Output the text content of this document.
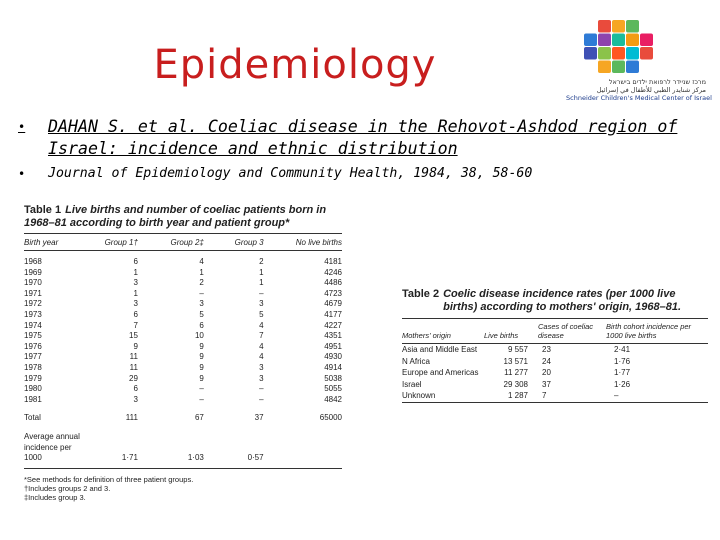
Epidemiology	מרכז שניידר לרפואת ילדים בישראל
مركز شنايدر الطبي للأطفال في إسرائيل
Schneider Children's Medical Center of Israel
•	DAHAN S. et al. Coeliac disease in the Rehovot-Ashdod region of Israel: incidence and ethnic distribution
•	Journal of Epidemiology and Community Health, 1984, 38, 58-60
Table 1 Live births and number of coeliac patients born in 1968–81 according to birth year and patient group*
Birth year	Group 1†	Group 2‡	Group 3	No live births

1968	6	4	2	4181
1969	1	1	1	4246
1970	3	2	1	4486
1971	1	–	–	4723
1972	3	3	3	4679
1973	6	5	5	4177
1974	7	6	4	4227
1975	15	10	7	4351
1976	9	9	4	4951
1977	11	9	4	4930
1978	11	9	3	4914
1979	29	9	3	5038
1980	6	–	–	5055
1981	3	–	–	4842
Total	111	67	37	65000
Average annual incidence per 1000	1·71	1·03	0·57	
*See methods for definition of three patient groups.
†Includes groups 2 and 3.
‡Includes group 3.
Table 2 Coelic disease incidence rates (per 1000 live births) according to mothers' origin, 1968–81.
Mothers' origin	Live births	Cases of coeliac disease	Birth cohort incidence per 1000 live births
Asia and Middle East	9 557	23	2·41
N Africa	13 571	24	1·76
Europe and Americas	11 277	20	1·77
Israel	29 308	37	1·26
Unknown	1 287	7	–
